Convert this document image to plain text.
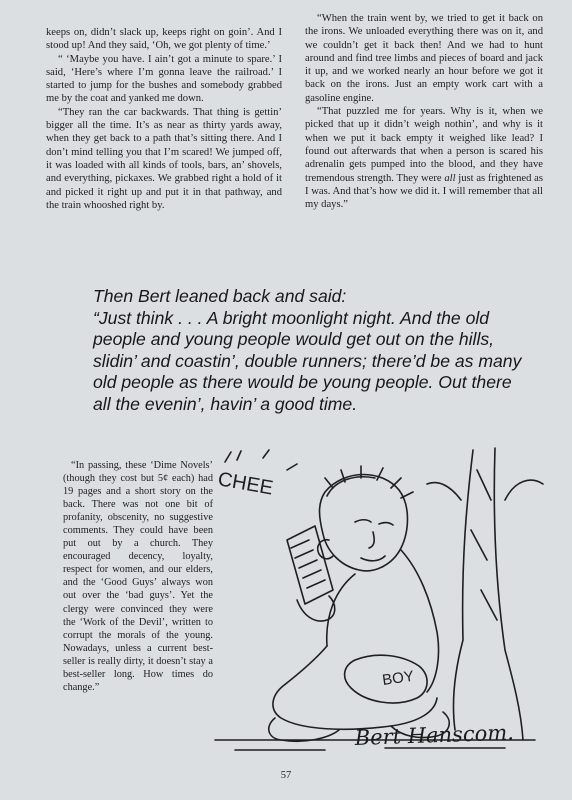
keeps on, didn’t slack up, keeps right on goin’. And I stood up! And they said, ‘Oh, we got plenty of time.’

“ ‘Maybe you have. I ain’t got a minute to spare.’ I said, ‘Here’s where I’m gonna leave the railroad.’ I started to jump for the bushes and somebody grabbed me by the coat and yanked me down.

“They ran the car backwards. That thing is gettin’ bigger all the time. It’s as near as thirty yards away, when they get back to a path that’s sitting there. And I don’t mind telling you that I’m scared! We jumped off, it was loaded with all kinds of tools, bars, an’ shovels, and everything, pickaxes. We grabbed right a hold of it and picked it right up and put it in that pathway, and the train whooshed right by.

“When the train went by, we tried to get it back on the irons. We unloaded everything there was on it, and we couldn’t get it back then! And we had to hunt around and find tree limbs and pieces of board and jack it up, and we worked nearly an hour before we got it back on the irons. Just an empty work cart with a gasoline engine.

“That puzzled me for years. Why is it, when we picked that up it didn’t weigh nothin’, and why is it when we put it back empty it weighed like lead? I found out afterwards that when a person is scared his adrenalin gets pumped into the blood, and they have tremendous strength. They were all just as frightened as I was. And that’s how we did it. I will remember that all my days.”

Then Bert leaned back and said:
“Just think . . . A bright moonlight night. And the old people and young people would get out on the hills, slidin’ and coastin’, double runners; there’d be as many old people as there would be young people. Out there all the evenin’, havin’ a good time.

“In passing, these ‘Dime Novels’ (though they cost but 5¢ each) had 19 pages and a short story on the back. There was not one bit of profanity, obscenity, no suggestive comments. They could have been put out by a church. They encouraged decency, loyalty, respect for women, and our elders, and the ‘Good Guys’ always won out over the ‘bad guys’. Yet the clergy were convinced they were the ‘Work of the Devil’, written to corrupt the morals of the young. Nowadays, unless a current best-seller is really dirty, it doesn’t stay a best-seller long. How times do change.”

CHEE
BOY
Bert Hanscom.
57
